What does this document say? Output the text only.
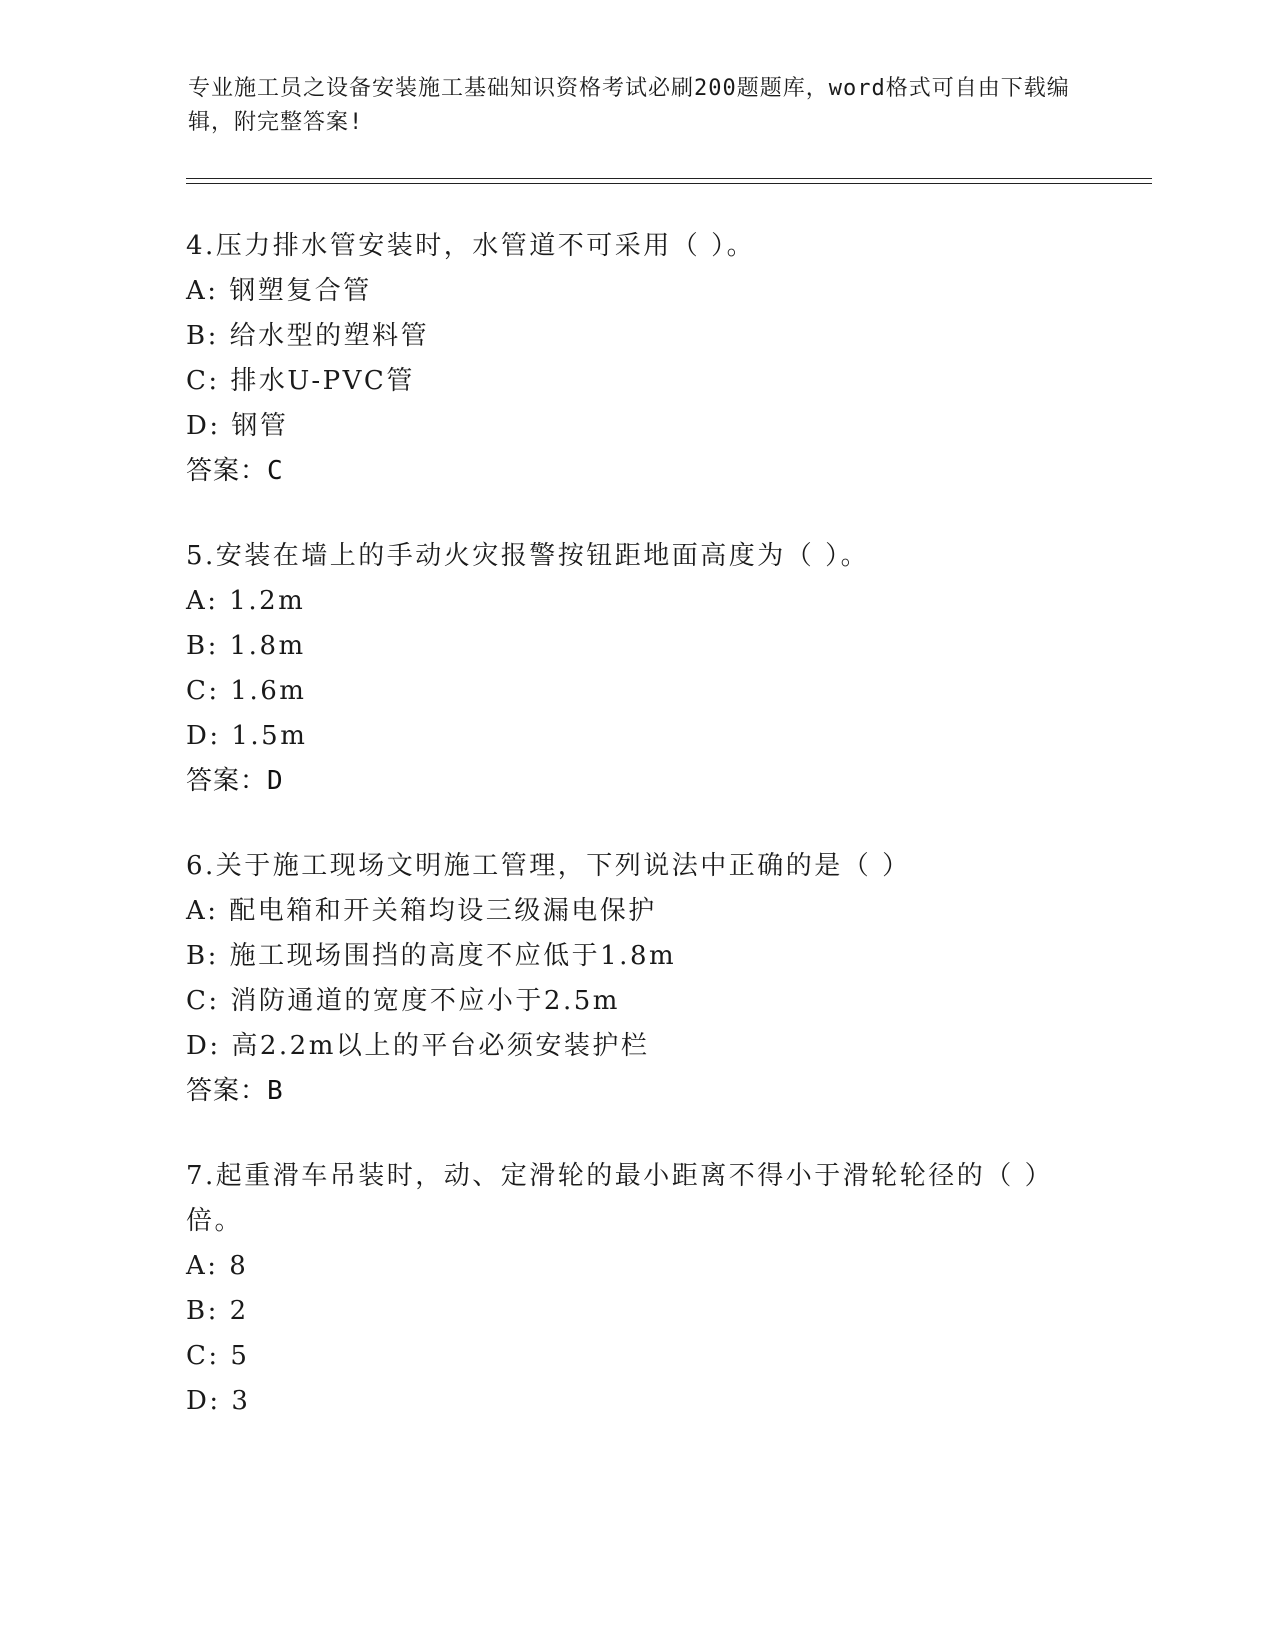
专业施工员之设备安装施工基础知识资格考试必刷200题题库，word格式可自由下载编辑，附完整答案!
4.压力排水管安装时，水管道不可采用（ ）。
A: 钢塑复合管
B: 给水型的塑料管
C: 排水U-PVC管
D: 钢管
答案：C
5.安装在墙上的手动火灾报警按钮距地面高度为（ ）。
A: 1.2m
B: 1.8m
C: 1.6m
D: 1.5m
答案：D
6.关于施工现场文明施工管理，下列说法中正确的是（ ）
A: 配电箱和开关箱均设三级漏电保护
B: 施工现场围挡的高度不应低于1.8m
C: 消防通道的宽度不应小于2.5m
D: 高2.2m以上的平台必须安装护栏
答案：B
7.起重滑车吊装时，动、定滑轮的最小距离不得小于滑轮轮径的（ ）倍。
A: 8
B: 2
C: 5
D: 3
